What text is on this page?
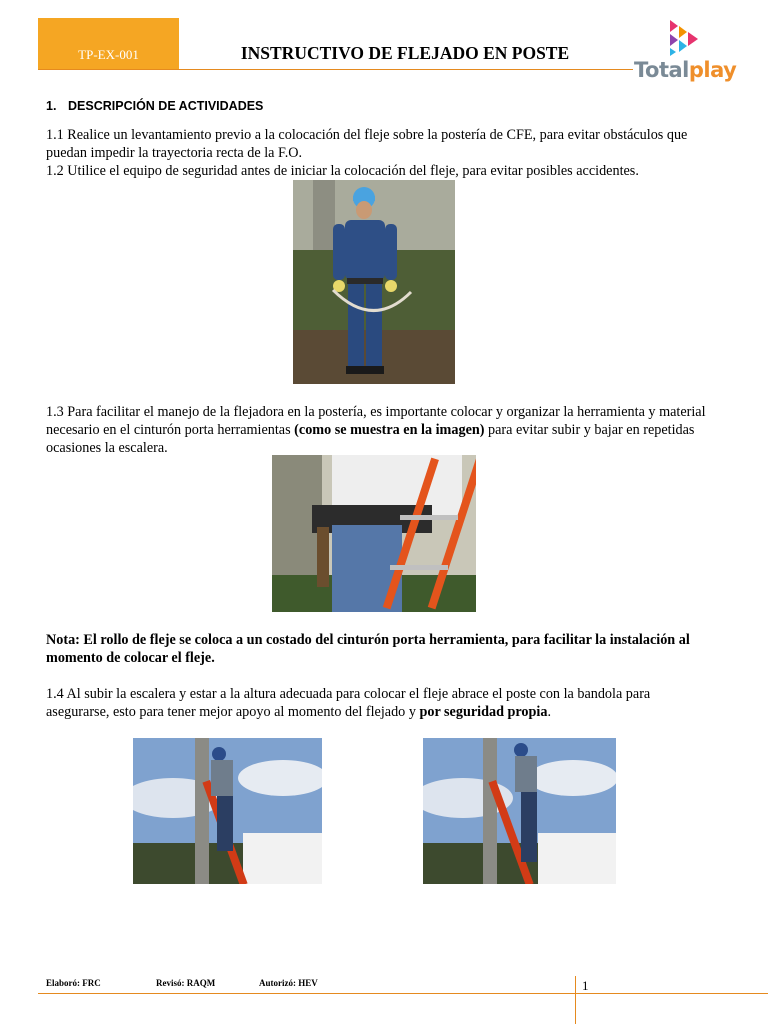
TP-EX-001	INSTRUCTIVO DE FLEJADO EN POSTE
Totalplay
1. DESCRIPCIÓN DE ACTIVIDADES
1.1 Realice un levantamiento previo a la colocación del fleje sobre la postería de CFE, para evitar obstáculos que puedan impedir la trayectoria recta de la F.O.
1.2 Utilice el equipo de seguridad antes de iniciar la colocación del fleje, para evitar posibles accidentes.
1.3 Para facilitar el manejo de la flejadora en la postería, es importante colocar y organizar la herramienta y material necesario en el cinturón porta herramientas (como se muestra en la imagen) para evitar subir y bajar en repetidas ocasiones la escalera.
Nota: El rollo de fleje se coloca a un costado del cinturón porta herramienta, para facilitar la instalación al momento de colocar el fleje.
1.4 Al subir la escalera y estar a la altura adecuada para colocar el fleje abrace el poste con la bandola para asegurarse, esto para tener mejor apoyo al momento del flejado y por seguridad propia.
Elaboró: FRC	Revisó: RAQM	Autorizó: HEV	1
